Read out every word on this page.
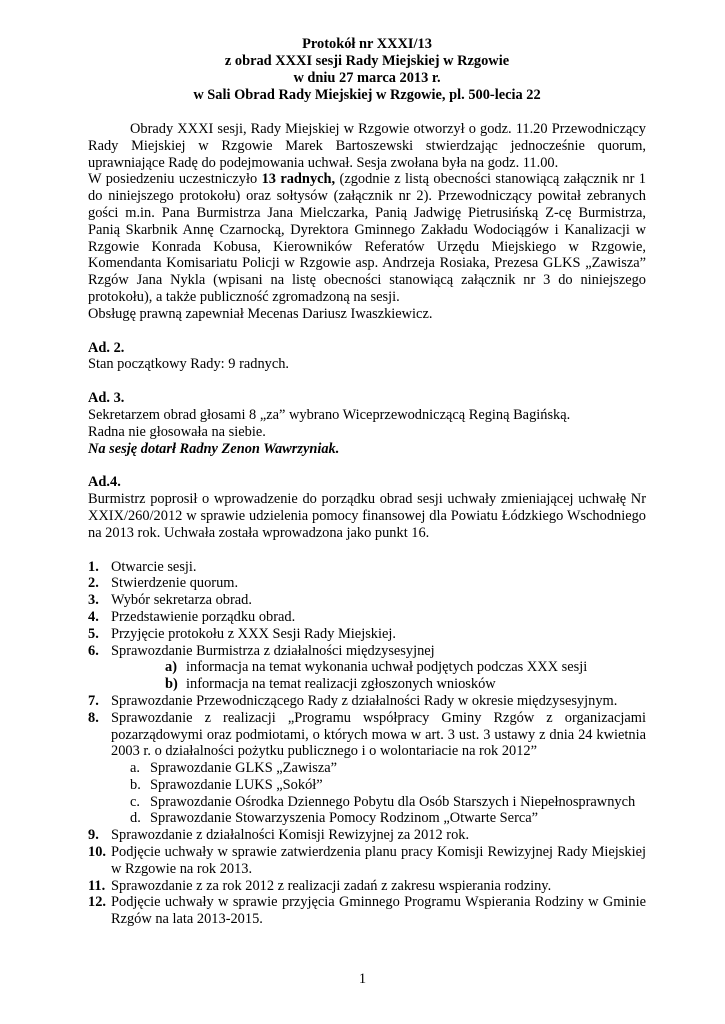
Protokół nr XXXI/13
z obrad XXXI sesji Rady Miejskiej w Rzgowie
w dniu 27 marca 2013 r.
w Sali Obrad Rady Miejskiej w Rzgowie, pl. 500-lecia 22

Obrady XXXI sesji, Rady Miejskiej w Rzgowie otworzył o godz. 11.20 Przewodniczący Rady Miejskiej w Rzgowie Marek Bartoszewski stwierdzając jednocześnie quorum, uprawniające Radę do podejmowania uchwał. Sesja zwołana była na godz. 11.00.

W posiedzeniu uczestniczyło 13 radnych, (zgodnie z listą obecności stanowiącą załącznik nr 1 do niniejszego protokołu) oraz sołtysów (załącznik nr 2). Przewodniczący powitał zebranych gości m.in. Pana Burmistrza Jana Mielczarka, Panią Jadwigę Pietrusińską Z-cę Burmistrza, Panią Skarbnik Annę Czarnocką, Dyrektora Gminnego Zakładu Wodociągów i Kanalizacji w Rzgowie Konrada Kobusa, Kierowników Referatów Urzędu Miejskiego w Rzgowie, Komendanta Komisariatu Policji w Rzgowie asp. Andrzeja Rosiaka, Prezesa GLKS „Zawisza” Rzgów Jana Nykla (wpisani na listę obecności stanowiącą załącznik nr 3 do niniejszego protokołu), a także publiczność zgromadzoną na sesji.

Obsługę prawną zapewniał Mecenas Dariusz Iwaszkiewicz.

Ad. 2.

Stan początkowy Rady: 9 radnych.

Ad. 3.

Sekretarzem obrad głosami 8 „za” wybrano Wiceprzewodniczącą Reginą Bagińską.

Radna nie głosowała na siebie.

Na sesję dotarł Radny Zenon Wawrzyniak.

Ad.4.

Burmistrz poprosił o wprowadzenie do porządku obrad sesji uchwały zmieniającej uchwałę Nr XXIX/260/2012 w sprawie udzielenia pomocy finansowej dla Powiatu Łódzkiego Wschodniego na 2013 rok. Uchwała została wprowadzona jako punkt 16.

1. Otwarcie sesji.
2. Stwierdzenie quorum.
3. Wybór sekretarza obrad.
4. Przedstawienie porządku obrad.
5. Przyjęcie protokołu z XXX Sesji Rady Miejskiej.
6. Sprawozdanie Burmistrza z działalności międzysesyjnej
a) informacja na temat wykonania uchwał podjętych podczas XXX sesji
b) informacja na temat realizacji zgłoszonych wniosków
7. Sprawozdanie Przewodniczącego Rady z działalności Rady w okresie międzysesyjnym.
8. Sprawozdanie z realizacji „Programu współpracy Gminy Rzgów z organizacjami pozarządowymi oraz podmiotami, o których mowa w art. 3 ust. 3 ustawy z dnia 24 kwietnia 2003 r. o działalności pożytku publicznego i o wolontariacie na rok 2012”
a. Sprawozdanie GLKS „Zawisza”
b. Sprawozdanie LUKS „Sokół”
c. Sprawozdanie Ośrodka Dziennego Pobytu dla Osób Starszych i Niepełnosprawnych
d. Sprawozdanie Stowarzyszenia Pomocy Rodzinom „Otwarte Serca”
9. Sprawozdanie z działalności Komisji Rewizyjnej za 2012 rok.
10. Podjęcie uchwały w sprawie zatwierdzenia planu pracy Komisji Rewizyjnej Rady Miejskiej w Rzgowie na rok 2013.
11. Sprawozdanie z za rok 2012 z realizacji zadań z zakresu wspierania rodziny.
12. Podjęcie uchwały w sprawie przyjęcia Gminnego Programu Wspierania Rodziny w Gminie Rzgów na lata 2013-2015.
1
